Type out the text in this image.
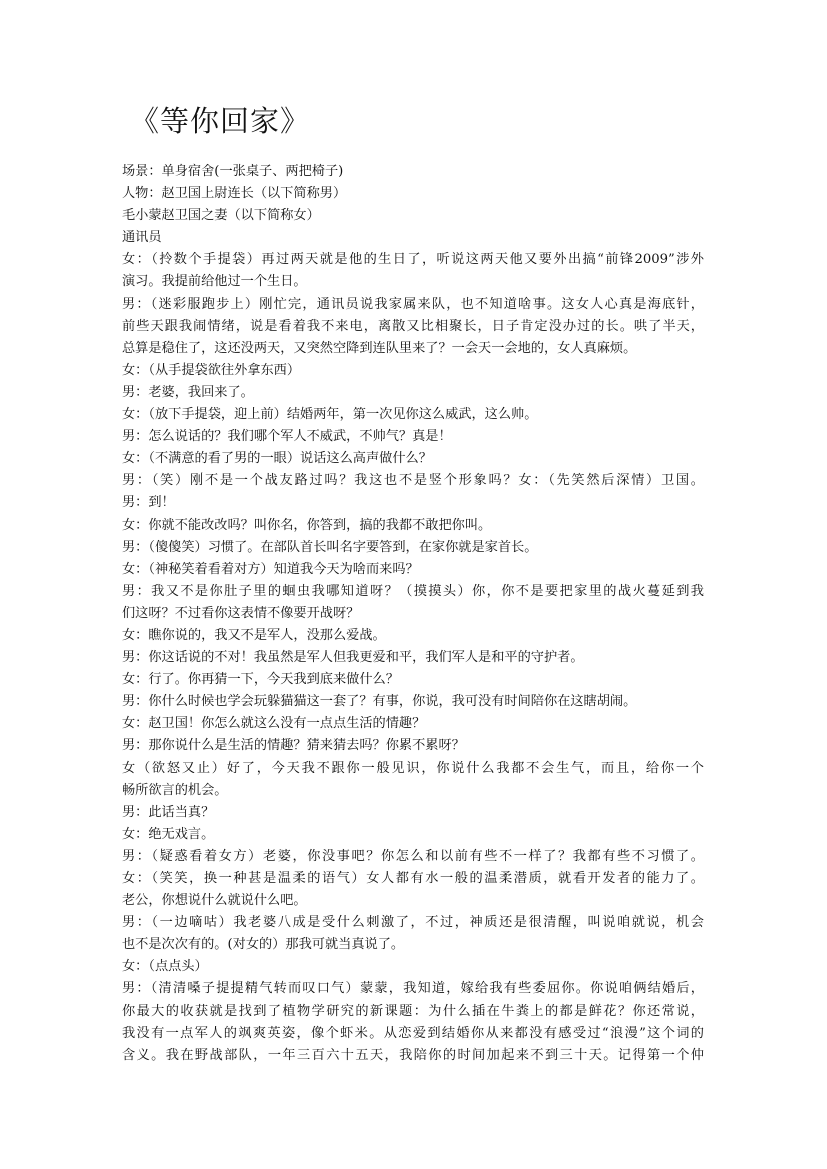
《等你回家》
场景：单身宿舍(一张桌子、两把椅子)
人物：赵卫国上尉连长（以下简称男）
毛小蒙赵卫国之妻（以下简称女）
通讯员
女：（拎数个手提袋）再过两天就是他的生日了，听说这两天他又要外出搞“前锋2009”涉外
演习。我提前给他过一个生日。
男：（迷彩服跑步上）刚忙完，通讯员说我家属来队，也不知道啥事。这女人心真是海底针，
前些天跟我闹情绪，说是看着我不来电，离散又比相聚长，日子肯定没办过的长。哄了半天，
总算是稳住了，这还没两天，又突然空降到连队里来了？一会天一会地的，女人真麻烦。
女：（从手提袋欲往外拿东西）
男：老婆，我回来了。
女：（放下手提袋，迎上前）结婚两年，第一次见你这么威武，这么帅。
男：怎么说话的？我们哪个军人不威武，不帅气？真是！
女：（不满意的看了男的一眼）说话这么高声做什么？
男：（笑）刚不是一个战友路过吗？我这也不是竖个形象吗？女：（先笑然后深情）卫国。
男：到！
女：你就不能改改吗？叫你名，你答到，搞的我都不敢把你叫。
男：（傻傻笑）习惯了。在部队首长叫名字要答到，在家你就是家首长。
女：（神秘笑着看着对方）知道我今天为啥而来吗？
男：我又不是你肚子里的蛔虫我哪知道呀？（摸摸头）你，你不是要把家里的战火蔓延到我
们这呀？不过看你这表情不像要开战呀？
女：瞧你说的，我又不是军人，没那么爱战。
男：你这话说的不对！我虽然是军人但我更爱和平，我们军人是和平的守护者。
女：行了。你再猜一下，今天我到底来做什么？
男：你什么时候也学会玩躲猫猫这一套了？有事，你说，我可没有时间陪你在这瞎胡闹。
女：赵卫国！你怎么就这么没有一点点生活的情趣？
男：那你说什么是生活的情趣？猜来猜去吗？你累不累呀？
女（欲怒又止）好了，今天我不跟你一般见识，你说什么我都不会生气，而且，给你一个
畅所欲言的机会。
男：此话当真？
女：绝无戏言。
男：（疑惑看着女方）老婆，你没事吧？你怎么和以前有些不一样了？我都有些不习惯了。
女：（笑笑，换一种甚是温柔的语气）女人都有水一般的温柔潜质，就看开发者的能力了。
老公，你想说什么就说什么吧。
男：（一边嘀咕）我老婆八成是受什么刺激了，不过，神质还是很清醒，叫说咱就说，机会
也不是次次有的。(对女的）那我可就当真说了。
女：（点点头）
男：（清清嗓子提提精气转而叹口气）蒙蒙，我知道，嫁给我有些委屈你。你说咱俩结婚后，
你最大的收获就是找到了植物学研究的新课题：为什么插在牛粪上的都是鲜花？你还常说，
我没有一点军人的飒爽英姿，像个虾米。从恋爱到结婚你从来都没有感受过“浪漫”这个词的
含义。我在野战部队，一年三百六十五天，我陪你的时间加起来不到三十天。记得第一个仲
